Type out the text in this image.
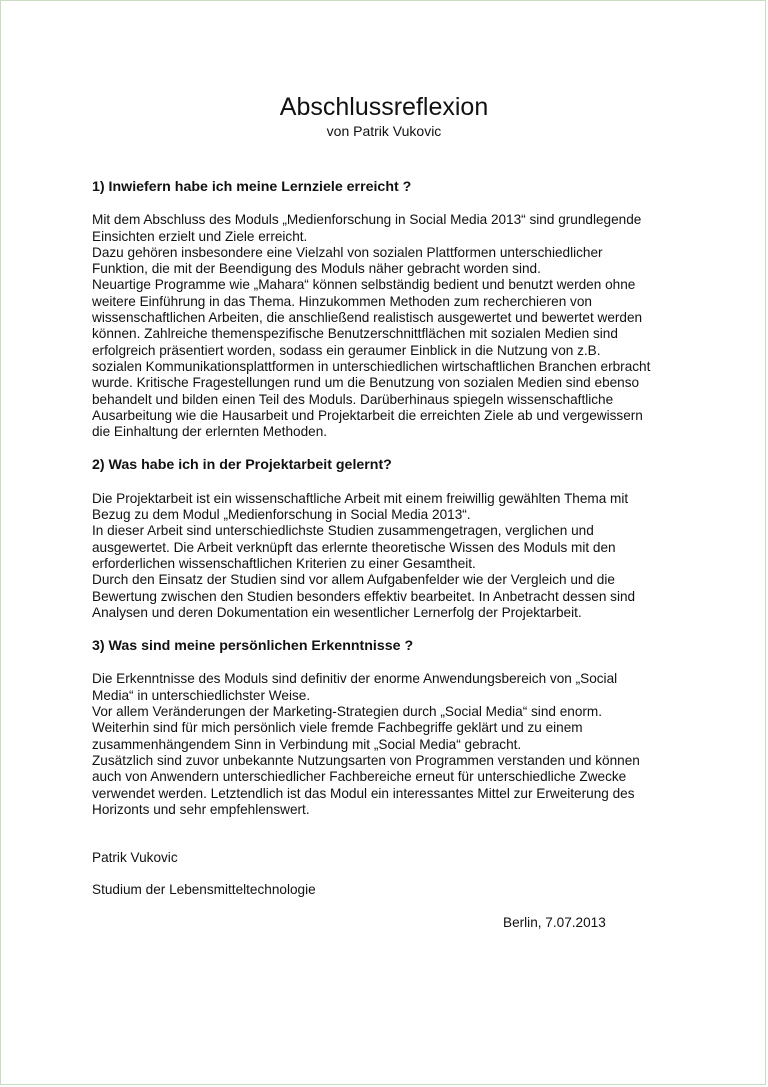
Abschlussreflexion
von Patrik Vukovic
1) Inwiefern habe ich meine Lernziele erreicht ?

Mit dem Abschluss des Moduls „Medienforschung in Social Media 2013“ sind grundlegende

Einsichten erzielt und Ziele erreicht.

Dazu gehören insbesondere eine Vielzahl von sozialen Plattformen unterschiedlicher

Funktion, die mit der Beendigung des Moduls näher gebracht worden sind.

Neuartige Programme wie „Mahara“ können selbständig bedient und benutzt werden ohne

weitere Einführung in das Thema. Hinzukommen Methoden zum recherchieren von

wissenschaftlichen Arbeiten, die anschließend realistisch ausgewertet und bewertet werden

können. Zahlreiche themenspezifische Benutzerschnittflächen mit sozialen Medien sind

erfolgreich präsentiert worden, sodass ein geraumer Einblick in die Nutzung von z.B.

sozialen Kommunikationsplattformen in unterschiedlichen wirtschaftlichen Branchen erbracht

wurde. Kritische Fragestellungen rund um die Benutzung von sozialen Medien sind ebenso

behandelt und bilden einen Teil des Moduls. Darüberhinaus spiegeln wissenschaftliche

Ausarbeitung wie die Hausarbeit und Projektarbeit die erreichten Ziele ab und vergewissern

die Einhaltung der erlernten Methoden.

2) Was habe ich in der Projektarbeit gelernt?

Die Projektarbeit ist ein wissenschaftliche Arbeit mit einem freiwillig gewählten Thema mit

Bezug zu dem Modul „Medienforschung in Social Media 2013“.

In dieser Arbeit sind unterschiedlichste Studien zusammengetragen, verglichen und

ausgewertet. Die Arbeit verknüpft das erlernte theoretische Wissen des Moduls mit den

erforderlichen wissenschaftlichen Kriterien zu einer Gesamtheit.

Durch den Einsatz der Studien sind vor allem Aufgabenfelder wie der Vergleich und die

Bewertung zwischen den Studien besonders effektiv bearbeitet. In Anbetracht dessen sind

Analysen und deren Dokumentation ein wesentlicher Lernerfolg der Projektarbeit.

3) Was sind meine persönlichen Erkenntnisse ?

Die Erkenntnisse des Moduls sind definitiv der enorme Anwendungsbereich von „Social

Media“ in unterschiedlichster Weise.

Vor allem Veränderungen der Marketing-Strategien durch „Social Media“ sind enorm.

Weiterhin sind für mich persönlich viele fremde Fachbegriffe geklärt und zu einem

zusammenhängendem Sinn in Verbindung mit „Social Media“ gebracht.

Zusätzlich sind zuvor unbekannte Nutzungsarten von Programmen verstanden und können

auch von Anwendern unterschiedlicher Fachbereiche erneut für unterschiedliche Zwecke

verwendet werden. Letztendlich ist das Modul ein interessantes Mittel zur Erweiterung des

Horizonts und sehr empfehlenswert.

Patrik Vukovic
Studium der Lebensmitteltechnologie
Berlin, 7.07.2013
